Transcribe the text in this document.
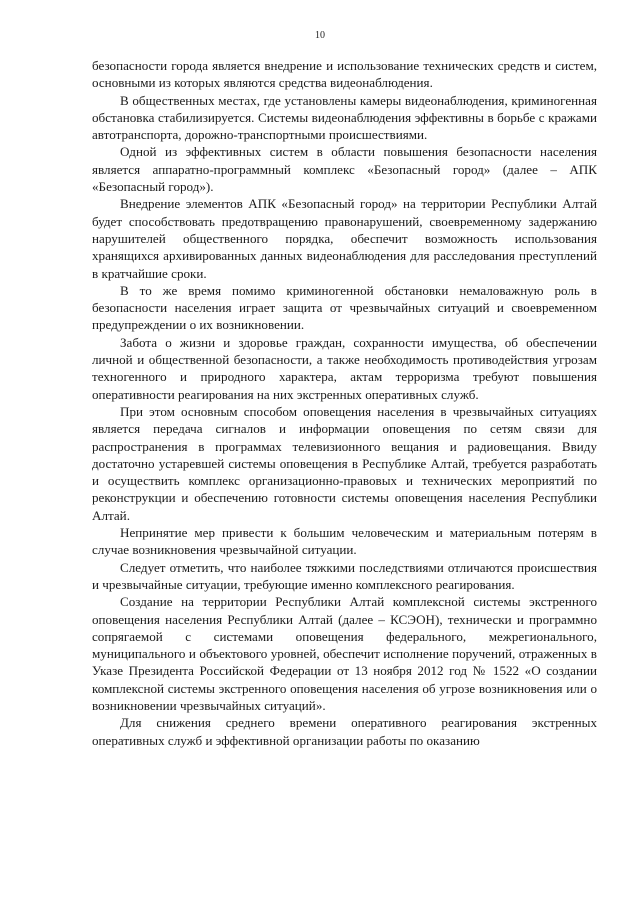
10

безопасности города является внедрение и использование технических средств и систем, основными из которых являются средства видеонаблюдения.

В общественных местах, где установлены камеры видеонаблюдения, криминогенная обстановка стабилизируется. Системы видеонаблюдения эффективны в борьбе с кражами автотранспорта, дорожно-транспортными происшествиями.

Одной из эффективных систем в области повышения безопасности населения является аппаратно-программный комплекс «Безопасный город» (далее – АПК «Безопасный город»).

Внедрение элементов АПК «Безопасный город» на территории Республики Алтай будет способствовать предотвращению правонарушений, своевременному задержанию нарушителей общественного порядка, обеспечит возможность использования хранящихся архивированных данных видеонаблюдения для расследования преступлений в кратчайшие сроки.

В то же время помимо криминогенной обстановки немаловажную роль в безопасности населения играет защита от чрезвычайных ситуаций и своевременном предупреждении о их возникновении.

Забота о жизни и здоровье граждан, сохранности имущества, об обеспечении личной и общественной безопасности, а также необходимость противодействия угрозам техногенного и природного характера, актам терроризма требуют повышения оперативности реагирования на них экстренных оперативных служб.

При этом основным способом оповещения населения в чрезвычайных ситуациях является передача сигналов и информации оповещения по сетям связи для распространения в программах телевизионного вещания и радиовещания. Ввиду достаточно устаревшей системы оповещения в Республике Алтай, требуется разработать и осуществить комплекс организационно-правовых и технических мероприятий по реконструкции и обеспечению готовности системы оповещения населения Республики Алтай.

Непринятие мер привести к большим человеческим и материальным потерям в случае возникновения чрезвычайной ситуации.

Следует отметить, что наиболее тяжкими последствиями отличаются происшествия и чрезвычайные ситуации, требующие именно комплексного реагирования.

Создание на территории Республики Алтай комплексной системы экстренного оповещения населения Республики Алтай (далее – КСЭОН), технически и программно сопрягаемой с системами оповещения федерального, межрегионального, муниципального и объектового уровней, обеспечит исполнение поручений, отраженных в Указе Президента Российской Федерации от 13 ноября 2012 год № 1522 «О создании комплексной системы экстренного оповещения населения об угрозе возникновения или о возникновении чрезвычайных ситуаций».

Для снижения среднего времени оперативного реагирования экстренных оперативных служб и эффективной организации работы по оказанию
